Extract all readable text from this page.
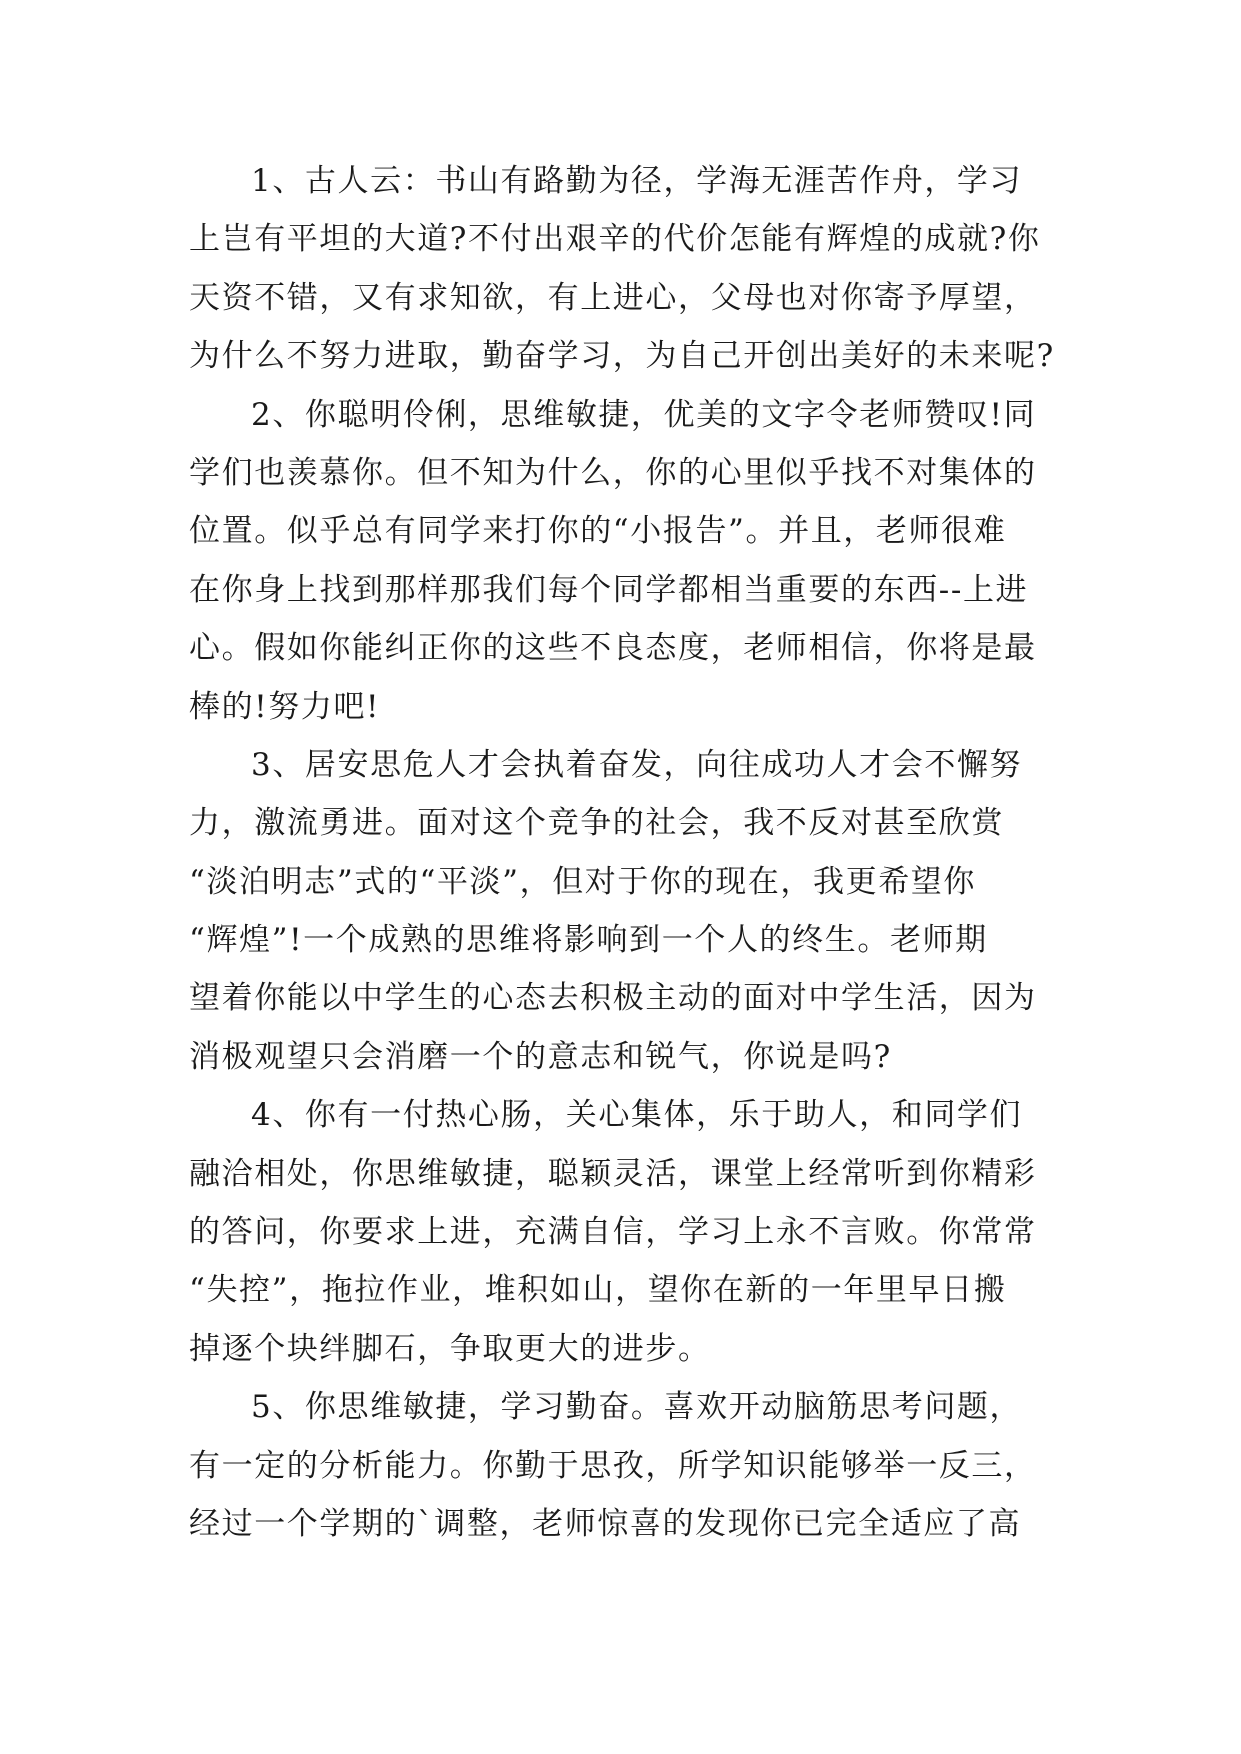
1、古人云：书山有路勤为径，学海无涯苦作舟，学习
上岂有平坦的大道?不付出艰辛的代价怎能有辉煌的成就?你
天资不错，又有求知欲，有上进心，父母也对你寄予厚望，
为什么不努力进取，勤奋学习，为自己开创出美好的未来呢?
2、你聪明伶俐，思维敏捷，优美的文字令老师赞叹!同
学们也羡慕你。但不知为什么，你的心里似乎找不对集体的
位置。似乎总有同学来打你的“小报告”。并且，老师很难
在你身上找到那样那我们每个同学都相当重要的东西--上进
心。假如你能纠正你的这些不良态度，老师相信，你将是最
棒的!努力吧!
3、居安思危人才会执着奋发，向往成功人才会不懈努
力，激流勇进。面对这个竞争的社会，我不反对甚至欣赏
“淡泊明志”式的“平淡”，但对于你的现在，我更希望你
“辉煌”!一个成熟的思维将影响到一个人的终生。老师期
望着你能以中学生的心态去积极主动的面对中学生活，因为
消极观望只会消磨一个的意志和锐气，你说是吗?
4、你有一付热心肠，关心集体，乐于助人，和同学们
融洽相处，你思维敏捷，聪颖灵活，课堂上经常听到你精彩
的答问，你要求上进，充满自信，学习上永不言败。你常常
“失控”，拖拉作业，堆积如山，望你在新的一年里早日搬
掉逐个块绊脚石，争取更大的进步。
5、你思维敏捷，学习勤奋。喜欢开动脑筋思考问题，
有一定的分析能力。你勤于思孜，所学知识能够举一反三，
经过一个学期的`调整，老师惊喜的发现你已完全适应了高
